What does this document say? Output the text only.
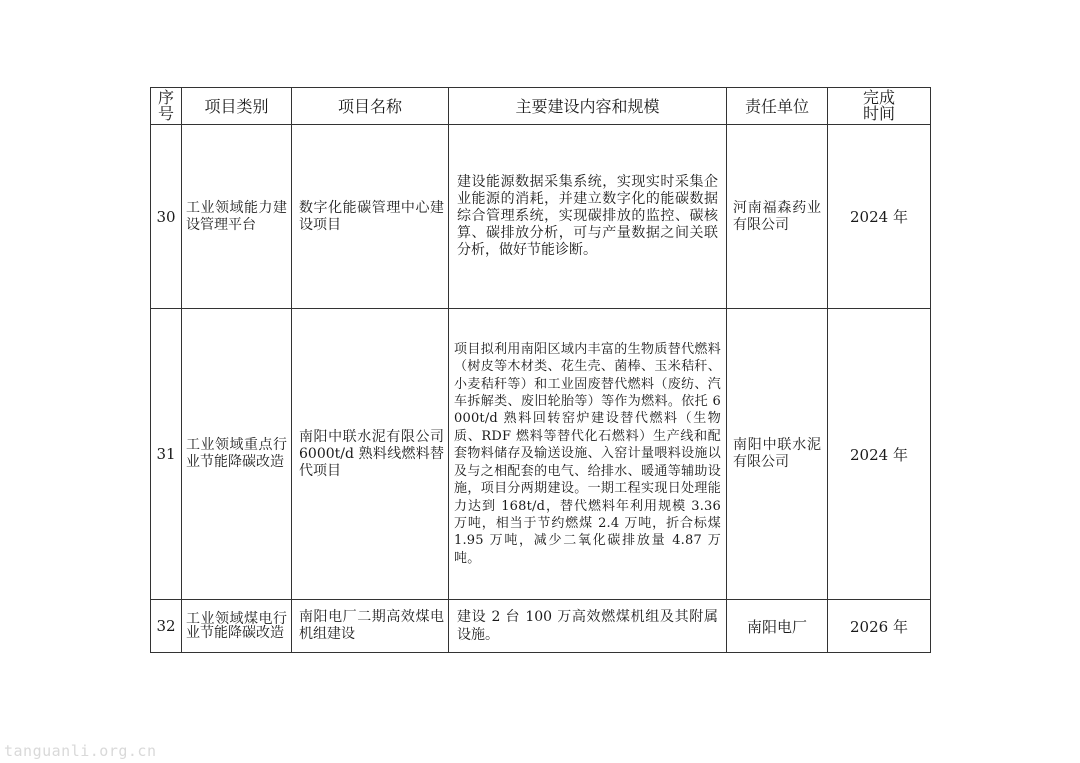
序号	项目类别	项目名称	主要建设内容和规模	责任单位	完成时间

30	工业领域能力建设管理平台	数字化能碳管理中心建设项目	建设能源数据采集系统，实现实时采集企业能源的消耗，并建立数字化的能碳数据综合管理系统，实现碳排放的监控、碳核算、碳排放分析，可与产量数据之间关联分析，做好节能诊断。	河南福森药业有限公司	2024 年
31	工业领域重点行业节能降碳改造	南阳中联水泥有限公司 6000t/d 熟料线燃料替代项目	项目拟利用南阳区域内丰富的生物质替代燃料（树皮等木材类、花生壳、菌棒、玉米秸秆、小麦秸秆等）和工业固废替代燃料（废纺、汽车拆解类、废旧轮胎等）等作为燃料。依托 6000t/d 熟料回转窑炉建设替代燃料（生物质、RDF 燃料等替代化石燃料）生产线和配套物料储存及输送设施、入窑计量喂料设施以及与之相配套的电气、给排水、暖通等辅助设施，项目分两期建设。一期工程实现日处理能力达到 168t/d，替代燃料年利用规模 3.36 万吨，相当于节约燃煤 2.4 万吨，折合标煤 1.95 万吨，减少二氧化碳排放量 4.87 万吨。	南阳中联水泥有限公司	2024 年
32	工业领域煤电行业节能降碳改造	南阳电厂二期高效煤电机组建设	建设 2 台 100 万高效燃煤机组及其附属设施。	南阳电厂	2026 年
tanguanli.org.cn
